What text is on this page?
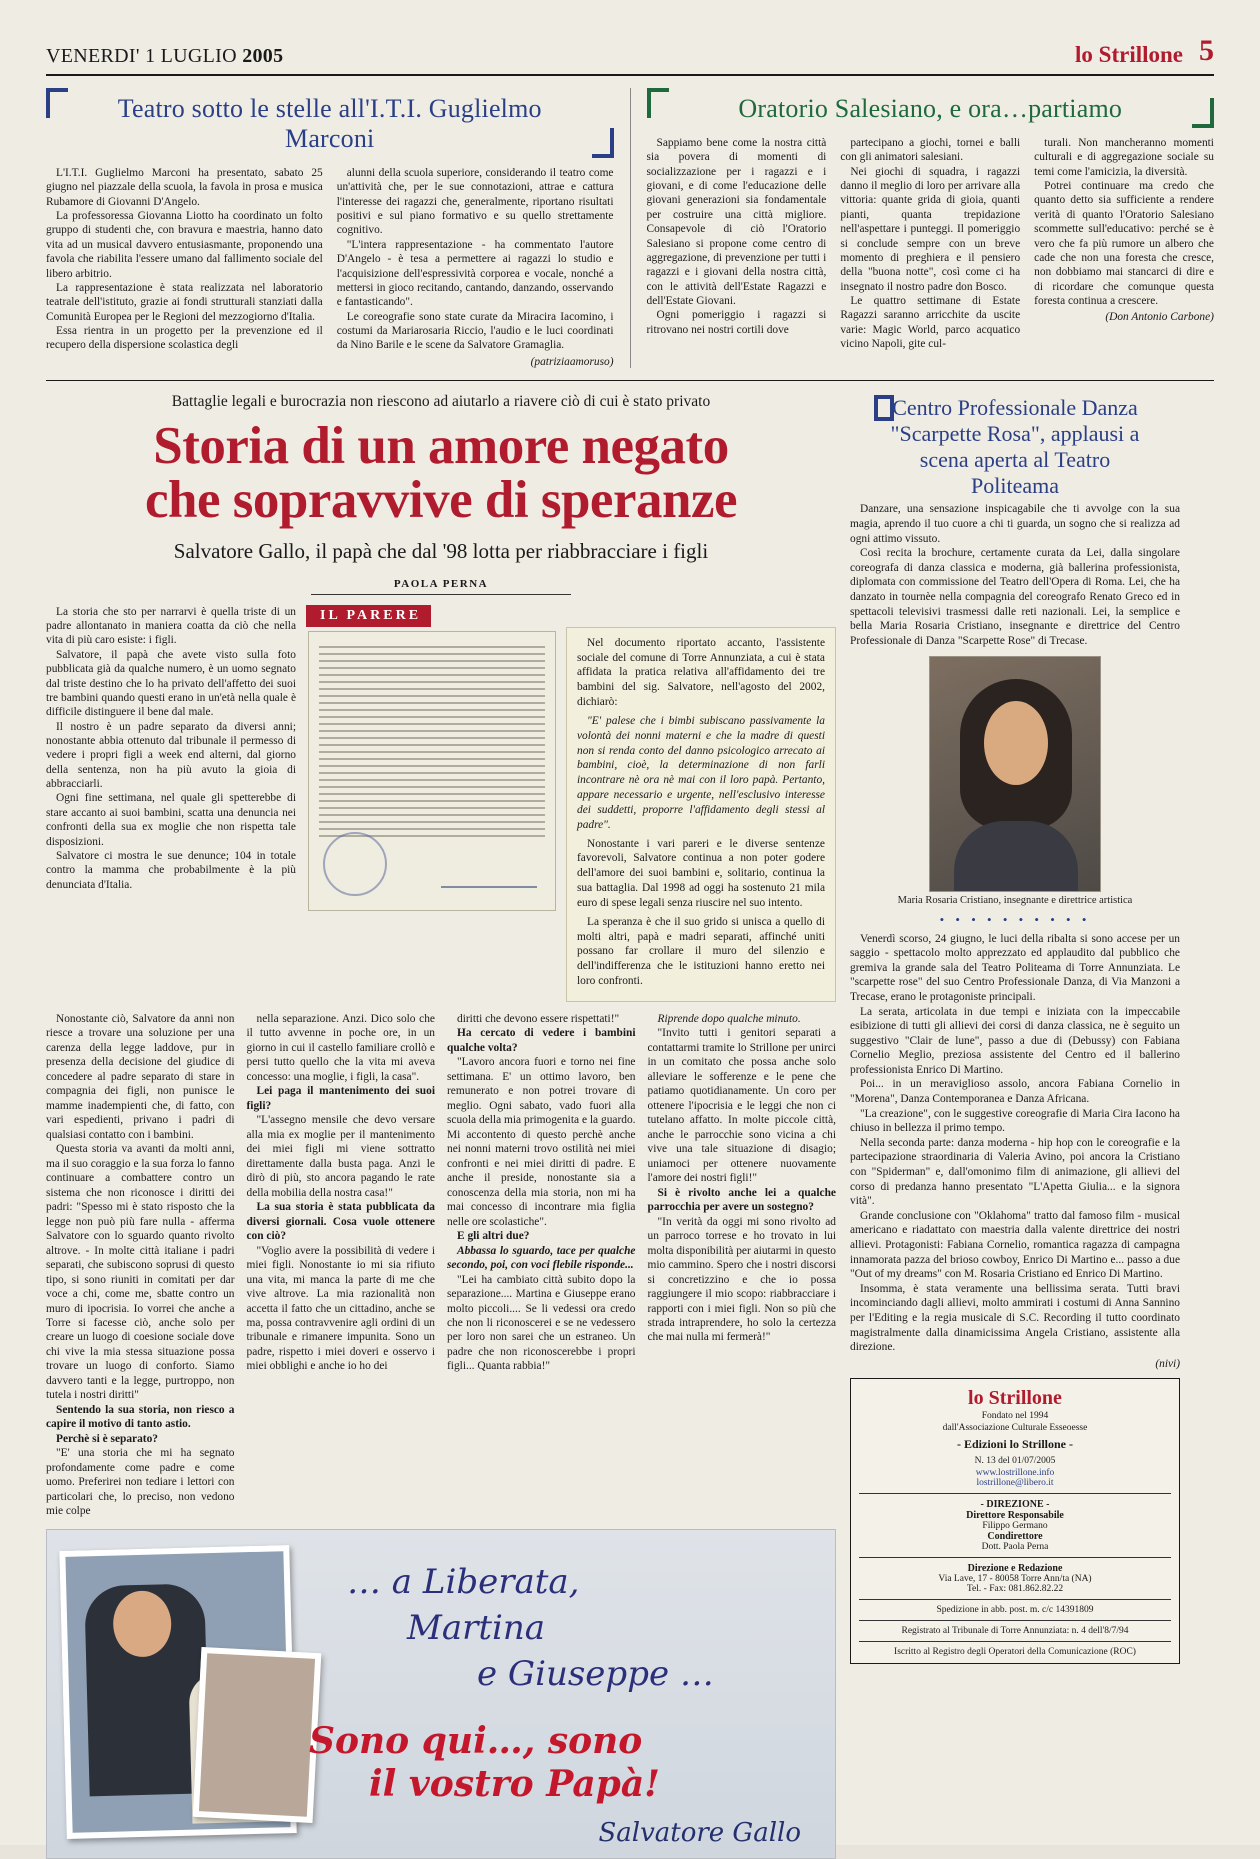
VENERDI' 1 LUGLIO 2005	lo Strillone 5
Teatro sotto le stelle all'I.T.I. Guglielmo Marconi

L'I.T.I. Guglielmo Marconi ha presentato, sabato 25 giugno nel piazzale della scuola, la favola in prosa e musica Rubamore di Giovanni D'Angelo.

La professoressa Giovanna Liotto ha coordinato un folto gruppo di studenti che, con bravura e maestria, hanno dato vita ad un musical davvero entusiasmante, proponendo una favola che riabilita l'essere umano dal fallimento sociale del libero arbitrio.

La rappresentazione è stata realizzata nel laboratorio teatrale dell'istituto, grazie ai fondi strutturali stanziati dalla Comunità Europea per le Regioni del mezzogiorno d'Italia.

Essa rientra in un progetto per la prevenzione ed il recupero della dispersione scolastica degli

alunni della scuola superiore, considerando il teatro come un'attività che, per le sue connotazioni, attrae e cattura l'interesse dei ragazzi che, generalmente, riportano risultati positivi e sul piano formativo e su quello strettamente cognitivo.

"L'intera rappresentazione - ha commentato l'autore D'Angelo - è tesa a permettere ai ragazzi lo studio e l'acquisizione dell'espressività corporea e vocale, nonché a mettersi in gioco recitando, cantando, danzando, osservando e fantasticando".

Le coreografie sono state curate da Miracira Iacomino, i costumi da Mariarosaria Riccio, l'audio e le luci coordinati da Nino Barile e le scene da Salvatore Gramaglia.

(patriziaamoruso)
Oratorio Salesiano, e ora…partiamo

Sappiamo bene come la nostra città sia povera di momenti di socializzazione per i ragazzi e i giovani, e di come l'educazione delle giovani generazioni sia fondamentale per costruire una città migliore. Consapevole di ciò l'Oratorio Salesiano si propone come centro di aggregazione, di prevenzione per tutti i ragazzi e i giovani della nostra città, con le attività dell'Estate Ragazzi e dell'Estate Giovani.

Ogni pomeriggio i ragazzi si ritrovano nei nostri cortili dove

partecipano a giochi, tornei e balli con gli animatori salesiani.

Nei giochi di squadra, i ragazzi danno il meglio di loro per arrivare alla vittoria: quante grida di gioia, quanti pianti, quanta trepidazione nell'aspettare i punteggi. Il pomeriggio si conclude sempre con un breve momento di preghiera e il pensiero della "buona notte", così come ci ha insegnato il nostro padre don Bosco.

Le quattro settimane di Estate Ragazzi saranno arricchite da uscite varie: Magic World, parco acquatico vicino Napoli, gite cul-

turali. Non mancheranno momenti culturali e di aggregazione sociale su temi come l'amicizia, la diversità.

Potrei continuare ma credo che quanto detto sia sufficiente a rendere verità di quanto l'Oratorio Salesiano scommette sull'educativo: perché se è vero che fa più rumore un albero che cade che non una foresta che cresce, non dobbiamo mai stancarci di dire e di ricordare che comunque questa foresta continua a crescere.

(Don Antonio Carbone)
Battaglie legali e burocrazia non riescono ad aiutarlo a riavere ciò di cui è stato privato
Storia di un amore negato
che sopravvive di speranze
Salvatore Gallo, il papà che dal '98 lotta per riabbracciare i figli
PAOLA PERNA

La storia che sto per narrarvi è quella triste di un padre allontanato in maniera coatta da ciò che nella vita di più caro esiste: i figli.

Salvatore, il papà che avete visto sulla foto pubblicata già da qualche numero, è un uomo segnato dal triste destino che lo ha privato dell'affetto dei suoi tre bambini quando questi erano in un'età nella quale è difficile distinguere il bene dal male.

Il nostro è un padre separato da diversi anni; nonostante abbia ottenuto dal tribunale il permesso di vedere i propri figli a week end alterni, dal giorno della sentenza, non ha più avuto la gioia di abbracciarli.

Ogni fine settimana, nel quale gli spetterebbe di stare accanto ai suoi bambini, scatta una denuncia nei confronti della sua ex moglie che non rispetta tale disposizioni.

Salvatore ci mostra le sue denunce; 104 in totale contro la mamma che probabilmente è la più denunciata d'Italia.

IL PARERE

Nel documento riportato accanto, l'assistente sociale del comune di Torre Annunziata, a cui è stata affidata la pratica relativa all'affidamento dei tre bambini del sig. Salvatore, nell'agosto del 2002, dichiarò:

"E' palese che i bimbi subiscano passivamente la volontà dei nonni materni e che la madre di questi non si renda conto del danno psicologico arrecato ai bambini, cioè, la determinazione di non farli incontrare nè ora nè mai con il loro papà. Pertanto, appare necessario e urgente, nell'esclusivo interesse dei suddetti, proporre l'affidamento degli stessi al padre".

Nonostante i vari pareri e le diverse sentenze favorevoli, Salvatore continua a non poter godere dell'amore dei suoi bambini e, solitario, continua la sua battaglia. Dal 1998 ad oggi ha sostenuto 21 mila euro di spese legali senza riuscire nel suo intento.

La speranza è che il suo grido si unisca a quello di molti altri, papà e madri separati, affinché uniti possano far crollare il muro del silenzio e dell'indifferenza che le istituzioni hanno eretto nei loro confronti.

Nonostante ciò, Salvatore da anni non riesce a trovare una soluzione per una carenza della legge laddove, pur in presenza della decisione del giudice di concedere al padre separato di stare in compagnia dei figli, non punisce le mamme inadempienti che, di fatto, con vari espedienti, privano i padri di qualsiasi contatto con i bambini.

Questa storia va avanti da molti anni, ma il suo coraggio e la sua forza lo fanno continuare a combattere contro un sistema che non riconosce i diritti dei padri: "Spesso mi è stato risposto che la legge non può più fare nulla - afferma Salvatore con lo sguardo quanto rivolto altrove. - In molte città italiane i padri separati, che subiscono soprusi di questo tipo, si sono riuniti in comitati per dar voce a chi, come me, sbatte contro un muro di ipocrisia. Io vorrei che anche a Torre si facesse ciò, anche solo per creare un luogo di coesione sociale dove chi vive la mia stessa situazione possa trovare un luogo di conforto. Siamo davvero tanti e la legge, purtroppo, non tutela i nostri diritti"

Sentendo la sua storia, non riesco a capire il motivo di tanto astio.

Perchè si è separato?

"E' una storia che mi ha segnato profondamente come padre e come uomo. Preferirei non tediare i lettori con particolari che, lo preciso, non vedono mie colpe

nella separazione. Anzi. Dico solo che il tutto avvenne in poche ore, in un giorno in cui il castello familiare crollò e persi tutto quello che la vita mi aveva concesso: una moglie, i figli, la casa".

Lei paga il mantenimento dei suoi figli?

"L'assegno mensile che devo versare alla mia ex moglie per il mantenimento dei miei figli mi viene sottratto direttamente dalla busta paga. Anzi le dirò di più, sto ancora pagando le rate della mobilia della nostra casa!"

La sua storia è stata pubblicata da diversi giornali. Cosa vuole ottenere con ciò?

"Voglio avere la possibilità di vedere i miei figli. Nonostante io mi sia rifiuto una vita, mi manca la parte di me che vive altrove. La mia razionalità non accetta il fatto che un cittadino, anche se ma, possa contravvenire agli ordini di un tribunale e rimanere impunita. Sono un padre, rispetto i miei doveri e osservo i miei obblighi e anche io ho dei

diritti che devono essere rispettati!"

Ha cercato di vedere i bambini qualche volta?

"Lavoro ancora fuori e torno nei fine settimana. E' un ottimo lavoro, ben remunerato e non potrei trovare di meglio. Ogni sabato, vado fuori alla scuola della mia primogenita e la guardo. Mi accontento di questo perchè anche nei nonni materni trovo ostilità nei miei confronti e nei miei diritti di padre. E anche il preside, nonostante sia a conoscenza della mia storia, non mi ha mai concesso di incontrare mia figlia nelle ore scolastiche".

E gli altri due?

Abbassa lo sguardo, tace per qualche secondo, poi, con voci flebile risponde...

"Lei ha cambiato città subito dopo la separazione.... Martina e Giuseppe erano molto piccoli.... Se li vedessi ora credo che non li riconoscerei e se ne vedessero per loro non sarei che un estraneo. Un padre che non riconoscerebbe i propri figli... Quanta rabbia!"

Riprende dopo qualche minuto.

"Invito tutti i genitori separati a contattarmi tramite lo Strillone per unirci in un comitato che possa anche solo alleviare le sofferenze e le pene che patiamo quotidianamente. Un coro per ottenere l'ipocrisia e le leggi che non ci tutelano affatto. In molte piccole città, anche le parrocchie sono vicina a chi vive una tale situazione di disagio; uniamoci per ottenere nuovamente l'amore dei nostri figli!"

Si è rivolto anche lei a qualche parrocchia per avere un sostegno?

"In verità da oggi mi sono rivolto ad un parroco torrese e ho trovato in lui molta disponibilità per aiutarmi in questo mio cammino. Spero che i nostri discorsi si concretizzino e che io possa raggiungere il mio scopo: riabbracciare i rapporti con i miei figli. Non so più che strada intraprendere, ho solo la certezza che mai nulla mi fermerà!"

… a Liberata,
Martina
e Giuseppe …
Sono qui…, sono
il vostro Papà!
Salvatore Gallo
Centro Professionale Danza "Scarpette Rosa", applausi a scena aperta al Teatro Politeama

Danzare, una sensazione inspicagabile che ti avvolge con la sua magia, aprendo il tuo cuore a chi ti guarda, un sogno che si realizza ad ogni attimo vissuto.

Così recita la brochure, certamente curata da Lei, dalla singolare coreografa di danza classica e moderna, già ballerina professionista, diplomata con commissione del Teatro dell'Opera di Roma. Lei, che ha danzato in tournèe nella compagnia del coreografo Renato Greco ed in spettacoli televisivi trasmessi dalle reti nazionali. Lei, la semplice e bella Maria Rosaria Cristiano, insegnante e direttrice del Centro Professionale di Danza "Scarpette Rose" di Trecase.

Maria Rosaria Cristiano, insegnante e direttrice artistica
• • • • • • • • • •

Venerdì scorso, 24 giugno, le luci della ribalta si sono accese per un saggio - spettacolo molto apprezzato ed applaudito dal pubblico che gremiva la grande sala del Teatro Politeama di Torre Annunziata. Le "scarpette rose" del suo Centro Professionale Danza, di Via Manzoni a Trecase, erano le protagoniste principali.

La serata, articolata in due tempi e iniziata con la impeccabile esibizione di tutti gli allievi dei corsi di danza classica, ne è seguito un suggestivo "Clair de lune", passo a due di (Debussy) con Fabiana Cornelio Meglio, preziosa assistente del Centro ed il ballerino professionista Enrico Di Martino.

Poi... in un meraviglioso assolo, ancora Fabiana Cornelio in "Morena", Danza Contemporanea e Danza Africana.

"La creazione", con le suggestive coreografie di Maria Cira Iacono ha chiuso in bellezza il primo tempo.

Nella seconda parte: danza moderna - hip hop con le coreografie e la partecipazione straordinaria di Valeria Avino, poi ancora la Cristiano con "Spiderman" e, dall'omonimo film di animazione, gli allievi del corso di predanza hanno presentato "L'Apetta Giulia... e la signora vità".

Grande conclusione con "Oklahoma" tratto dal famoso film - musical americano e riadattato con maestria dalla valente direttrice dei nostri allievi. Protagonisti: Fabiana Cornelio, romantica ragazza di campagna innamorata pazza del brioso cowboy, Enrico Di Martino e... passo a due "Out of my dreams" con M. Rosaria Cristiano ed Enrico Di Martino.

Insomma, è stata veramente una bellissima serata. Tutti bravi incominciando dagli allievi, molto ammirati i costumi di Anna Sannino per l'Editing e la regia musicale di S.C. Recording il tutto coordinato magistralmente dalla dinamicissima Angela Cristiano, assistente alla direzione.

(nivi)
lo Strillone
Fondato nel 1994
dall'Associazione Culturale Esseoesse
- Edizioni lo Strillone -
N. 13 del 01/07/2005
www.lostrillone.info
lostrillone@libero.it
- DIREZIONE -
Direttore Responsabile
Filippo Germano
Condirettore
Dott. Paola Perna
Direzione e Redazione
Via Lave, 17 - 80058 Torre Ann/ta (NA)
Tel. - Fax: 081.862.82.22
Spedizione in abb. post. m. c/c 14391809
Registrato al Tribunale di Torre Annunziata: n. 4 dell'8/7/94
Iscritto al Registro degli Operatori della Comunicazione (ROC)
